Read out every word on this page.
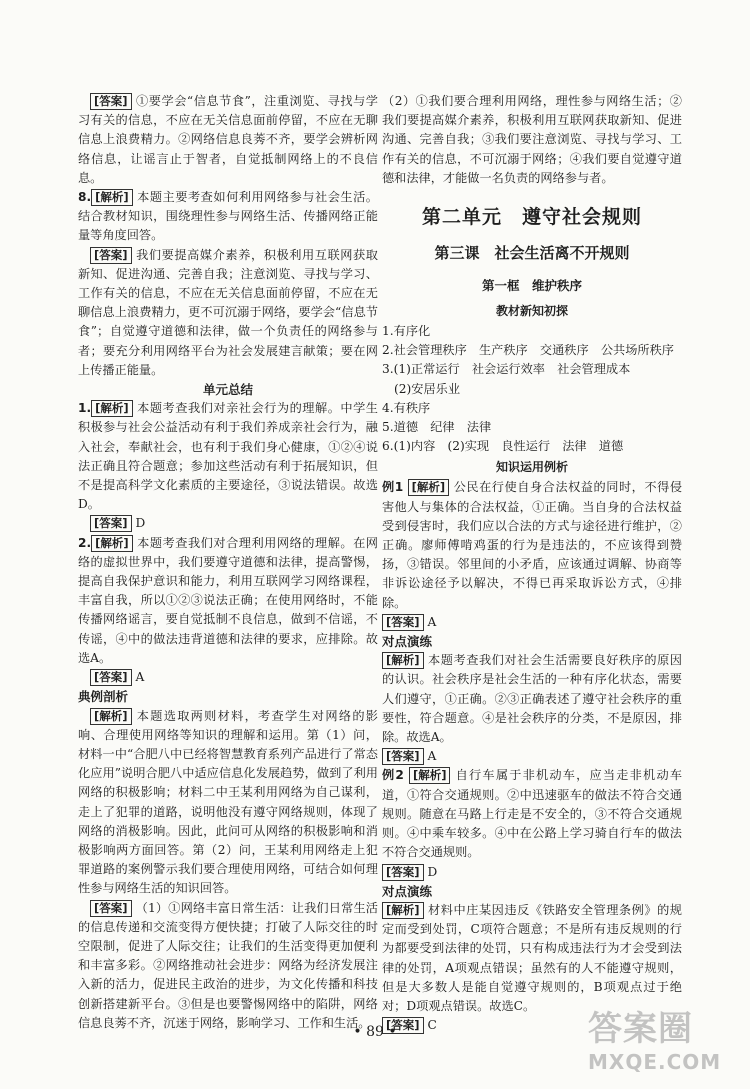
[答案] ①要学会“信息节食”，注重浏览、寻找与学习有关的信息，不应在无关信息面前停留，不应在无聊信息上浪费精力。②网络信息良莠不齐，要学会辨析网络信息，让谣言止于智者，自觉抵制网络上的不良信息。

8. [解析] 本题主要考查如何利用网络参与社会生活。结合教材知识，围绕理性参与网络生活、传播网络正能量等角度回答。

[答案] 我们要提高媒介素养，积极利用互联网获取新知、促进沟通、完善自我；注意浏览、寻找与学习、工作有关的信息，不应在无关信息面前停留，不应在无聊信息上浪费精力，更不可沉溺于网络，要学会“信息节食”；自觉遵守道德和法律，做一个负责任的网络参与者；要充分利用网络平台为社会发展建言献策；要在网上传播正能量。

单元总结

1. [解析] 本题考查我们对亲社会行为的理解。中学生积极参与社会公益活动有利于我们养成亲社会行为，融入社会，奉献社会，也有利于我们身心健康，①②④说法正确且符合题意；参加这些活动有利于拓展知识，但不是提高科学文化素质的主要途径，③说法错误。故选D。

[答案] D

2. [解析] 本题考查我们对合理利用网络的理解。在网络的虚拟世界中，我们要遵守道德和法律，提高警惕，提高自我保护意识和能力，利用互联网学习网络课程，丰富自我，所以①②③说法正确；在使用网络时，不能传播网络谣言，要自觉抵制不良信息，做到不信谣，不传谣，④中的做法违背道德和法律的要求，应排除。故选A。

[答案] A

典例剖析

[解析] 本题选取两则材料，考查学生对网络的影响、合理使用网络等知识的理解和运用。第（1）问，材料一中“合肥八中已经将智慧教育系列产品进行了常态化应用”说明合肥八中适应信息化发展趋势，做到了利用网络的积极影响；材料二中王某利用网络为自己谋利，走上了犯罪的道路，说明他没有遵守网络规则，体现了网络的消极影响。因此，此问可从网络的积极影响和消极影响两方面回答。第（2）问，王某利用网络走上犯罪道路的案例警示我们要合理使用网络，可结合如何理性参与网络生活的知识回答。

[答案] （1）①网络丰富日常生活：让我们日常生活的信息传递和交流变得方便快捷；打破了人际交往的时空限制，促进了人际交往；让我们的生活变得更加便利和丰富多彩。②网络推动社会进步：网络为经济发展注入新的活力，促进民主政治的进步，为文化传播和科技创新搭建新平台。③但是也要警惕网络中的陷阱，网络信息良莠不齐，沉迷于网络，影响学习、工作和生活。

（2）①我们要合理利用网络，理性参与网络生活；②我们要提高媒介素养，积极利用互联网获取新知、促进沟通、完善自我；③我们要注意浏览、寻找与学习、工作有关的信息，不可沉溺于网络；④我们要自觉遵守道德和法律，才能做一名负责的网络参与者。

第二单元　遵守社会规则
第三课　社会生活离不开规则
第一框　维护秩序
教材新知初探

1.有序化

2.社会管理秩序　生产秩序　交通秩序　公共场所秩序

3.(1)正常运行　社会运行效率　社会管理成本

(2)安居乐业

4.有秩序

5.道德　纪律　法律

6.(1)内容　(2)实现　良性运行　法律　道德

知识运用例析

例1 [解析] 公民在行使自身合法权益的同时，不得侵害他人与集体的合法权益，①正确。当自身的合法权益受到侵害时，我们应以合法的方式与途径进行维护，②正确。廖师傅啃鸡蛋的行为是违法的，不应该得到赞扬，③错误。邻里间的小矛盾，应该通过调解、协商等非诉讼途径予以解决，不得已再采取诉讼方式，④排除。

[答案] A

对点演练

[解析] 本题考查我们对社会生活需要良好秩序的原因的认识。社会秩序是社会生活的一种有序化状态，需要人们遵守，①正确。②③正确表述了遵守社会秩序的重要性，符合题意。④是社会秩序的分类，不是原因，排除。故选A。

[答案] A

例2 [解析] 自行车属于非机动车，应当走非机动车道，①符合交通规则。②中迅速驱车的做法不符合交通规则。随意在马路上行走是不安全的，③不符合交通规则。④中乘车较多。④中在公路上学习骑自行车的做法不符合交通规则。

[答案] D

对点演练

[解析] 材料中庄某因违反《铁路安全管理条例》的规定而受到处罚，C项符合题意；不是所有违反规则的行为都要受到法律的处罚，只有构成违法行为才会受到法律的处罚，A项观点错误；虽然有的人不能遵守规则，但是大多数人是能自觉遵守规则的，B项观点过于绝对；D项观点错误。故选C。

[答案] C

• 89 •	答案圈
MXQE.COM
